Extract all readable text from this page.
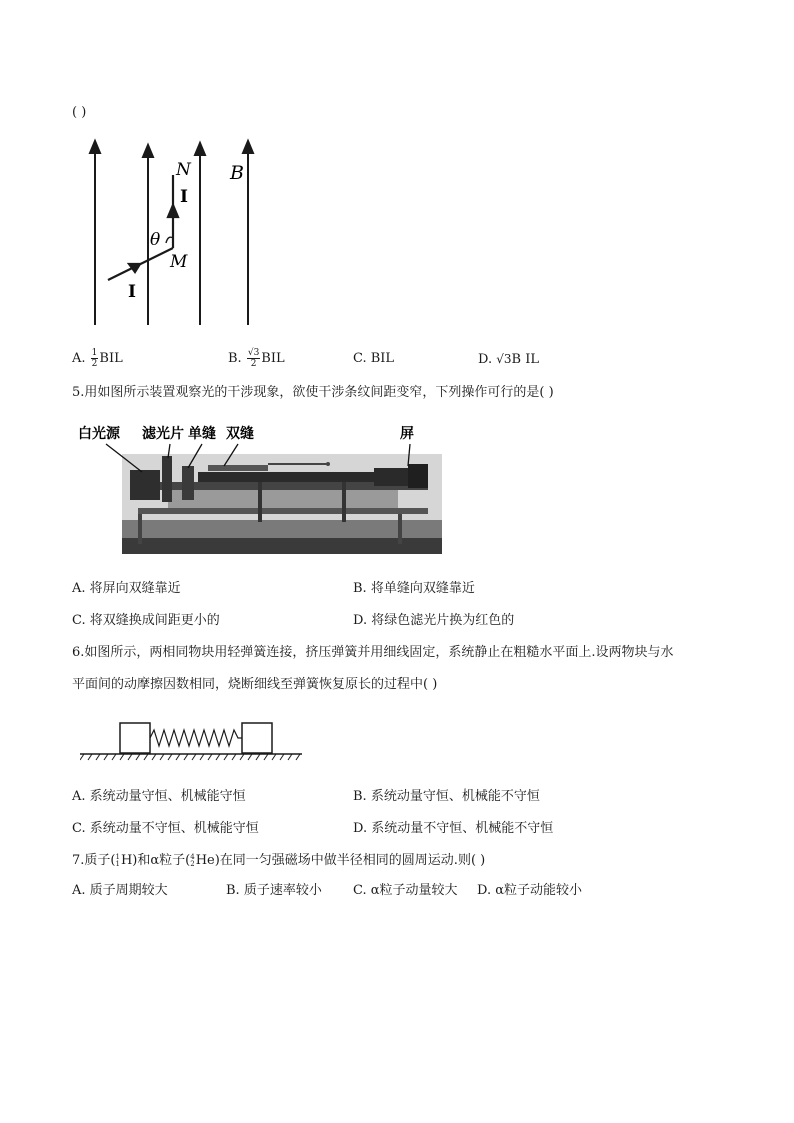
( )
N
I
B
θ
M
I
A. $\frac{1}{2}$ BIL	B. $\frac{√3}{2}$ BIL	C. BIL	D. √3B IL
5.用如图所示装置观察光的干涉现象，欲使干涉条纹间距变窄，下列操作可行的是( )
白光源 滤光片 单缝 双缝	屏
A. 将屏向双缝靠近	B. 将单缝向双缝靠近
C. 将双缝换成间距更小的	D. 将绿色滤光片换为红色的
6.如图所示，两相同物块用轻弹簧连接，挤压弹簧并用细线固定，系统静止在粗糙水平面上.设两物块与水
平面间的动摩擦因数相同，烧断细线至弹簧恢复原长的过程中( )
A. 系统动量守恒、机械能守恒	B. 系统动量守恒、机械能不守恒
C. 系统动量不守恒、机械能守恒	D. 系统动量不守恒、机械能不守恒
7.质子( 1
1 H)和α粒子( 4
2 He)在同一匀强磁场中做半径相同的圆周运动.则( )
A. 质子周期较大	B. 质子速率较小 C. α粒子动量较大 D. α粒子动能较小
